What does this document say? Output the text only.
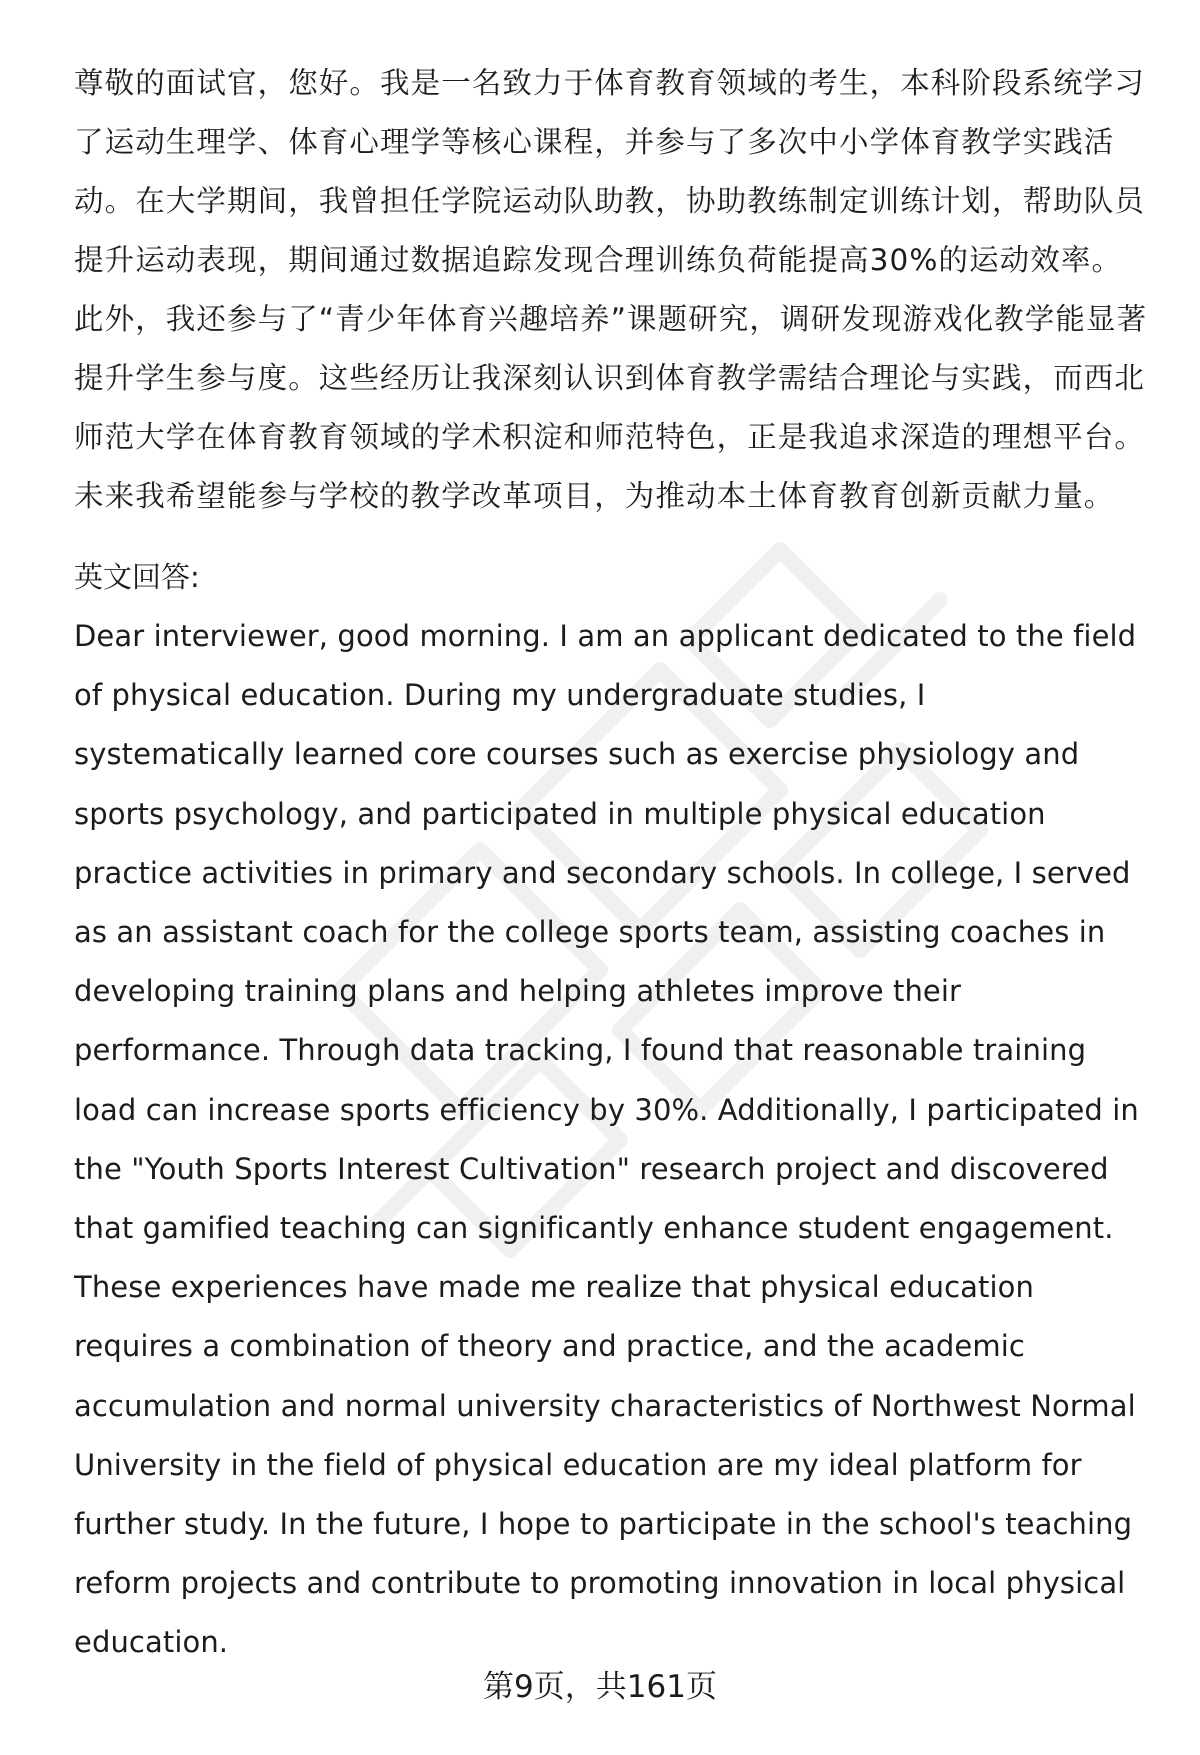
尊敬的面试官，您好。我是一名致力于体育教育领域的考生，本科阶段系统学习了运动生理学、体育心理学等核心课程，并参与了多次中小学体育教学实践活动。在大学期间，我曾担任学院运动队助教，协助教练制定训练计划，帮助队员提升运动表现，期间通过数据追踪发现合理训练负荷能提高30%的运动效率。此外，我还参与了“青少年体育兴趣培养”课题研究，调研发现游戏化教学能显著提升学生参与度。这些经历让我深刻认识到体育教学需结合理论与实践，而西北师范大学在体育教育领域的学术积淀和师范特色，正是我追求深造的理想平台。未来我希望能参与学校的教学改革项目，为推动本土体育教育创新贡献力量。

英文回答:

Dear interviewer, good morning. I am an applicant dedicated to the field of physical education. During my undergraduate studies, I systematically learned core courses such as exercise physiology and sports psychology, and participated in multiple physical education practice activities in primary and secondary schools. In college, I served as an assistant coach for the college sports team, assisting coaches in developing training plans and helping athletes improve their performance. Through data tracking, I found that reasonable training load can increase sports efficiency by 30%. Additionally, I participated in the "Youth Sports Interest Cultivation" research project and discovered that gamified teaching can significantly enhance student engagement. These experiences have made me realize that physical education requires a combination of theory and practice, and the academic accumulation and normal university characteristics of Northwest Normal University in the field of physical education are my ideal platform for further study. In the future, I hope to participate in the school's teaching reform projects and contribute to promoting innovation in local physical education.

第9页，共161页
